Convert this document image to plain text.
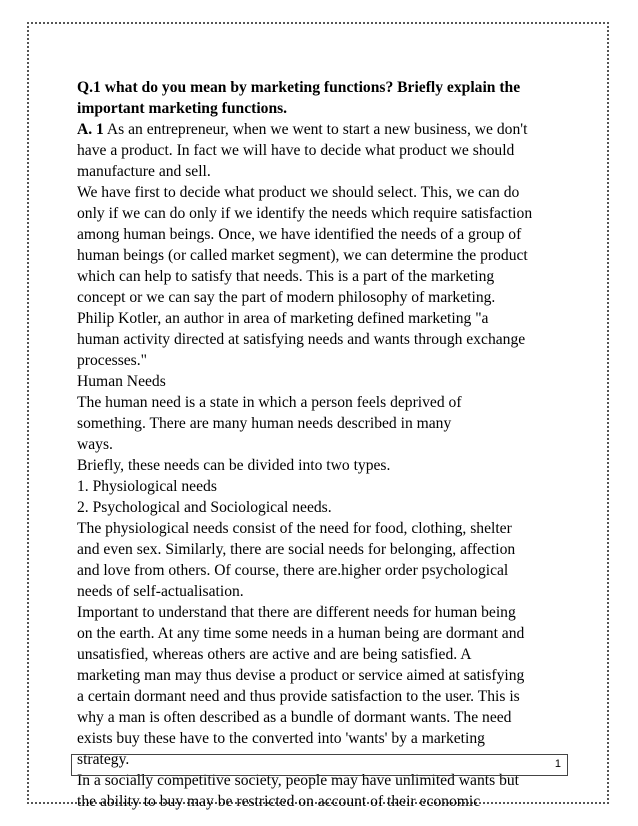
Q.1 what do you mean by marketing functions? Briefly explain the
important marketing functions.
A. 1 As an entrepreneur, when we went to start a new business, we don't
have a product. In fact we will have to decide what product we should
manufacture and sell.
We have first to decide what product we should select. This, we can do
only if we can do only if we identify the needs which require satisfaction
among human beings. Once, we have identified the needs of a group of
human beings (or called market segment), we can determine the product
which can help to satisfy that needs. This is a part of the marketing
concept or we can say the part of modern philosophy of marketing.
Philip Kotler, an author in area of marketing defined marketing "a
human activity directed at satisfying needs and wants through exchange
processes."
Human Needs
The human need is a state in which a person feels deprived of
something. There are many human needs described in many
ways.
Briefly, these needs can be divided into two types.
1. Physiological needs
2. Psychological and Sociological needs.
The physiological needs consist of the need for food, clothing, shelter
and even sex. Similarly, there are social needs for belonging, affection
and love from others. Of course, there are.higher order psychological
needs of self-actualisation.
Important to understand that there are different needs for human being
on the earth. At any time some needs in a human being are dormant and
unsatisfied, whereas others are active and are being satisfied. A
marketing man may thus devise a product or service aimed at satisfying
a certain dormant need and thus provide satisfaction to the user. This is
why a man is often described as a bundle of dormant wants. The need
exists buy these have to the converted into 'wants' by a marketing
strategy.
In a socially competitive society, people may have unlimited wants but
the ability to buy may be restricted on account of their economic
1
